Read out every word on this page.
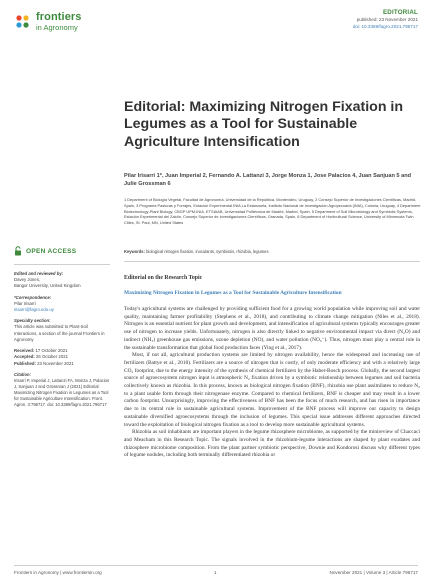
frontiers
in Agronomy
EDITORIAL
published: 23 November 2021
doi: 10.3389/fagro.2021.796717
Editorial: Maximizing Nitrogen Fixation in Legumes as a Tool for Sustainable Agriculture Intensification
Pilar Irisarri 1*, Juan Imperial 2, Fernando A. Lattanzi 3, Jorge Monza 1, Jose Palacios 4, Juan Sanjuan 5 and Julie Grossman 6
1 Department of Biología Vegetal, Facultad de Agronomía, Universidad de la República, Montevideo, Uruguay, 2 Consejo Superior de Investigaciones Científicas, Madrid, Spain, 3 Programa Pasturas y Forrajes, Estación Experimental INIA La Estanzuela, Instituto Nacional de Investigación Agropecuaria (INIA), Colonia, Uruguay, 4 Department Biotechnology-Plant Biology, CBGP UPM-INIA, ETSIAAB, Universidad Politécnica de Madrid, Madrid, Spain, 5 Department of Soil Microbiology and Symbiotic Systems, Estación Experimental del Zaidín, Consejo Superior de Investigaciones Científicas, Granada, Spain, 6 Department of Horticultural Science, University of Minnesota Twin Cities, St. Paul, MN, United States
Keywords: biological nitrogen fixation, inoculants, symbiosis, rhizobia, legumes
Editorial on the Research Topic
Maximizing Nitrogen Fixation in Legumes as a Tool for Sustainable Agriculture Intensification

Today's agricultural systems are challenged by providing sufficient food for a growing world population while improving soil and water quality, maintaining farmer profitability (Stephens et al., 2018), and contributing to climate change mitigation (Niles et al., 2018). Nitrogen is an essential nutrient for plant growth and development, and intensification of agricultural systems typically encourages greater use of nitrogen to increase yields. Unfortunately, nitrogen is also directly linked to negative environmental impact via direct (N₂O) and indirect (NH₃) greenhouse gas emissions, ozone depletion (NO), and water pollution (NO₃⁻). Thus, nitrogen must play a central role in the sustainable transformation that global food production faces (Ying et al., 2017).

Most, if not all, agricultural production systems are limited by nitrogen availability, hence the widespread and increasing use of fertilizers (Battye et al., 2018). Fertilizers are a source of nitrogen that is costly, of only moderate efficiency and with a relatively large CO₂ footprint, due to the energy intensity of the synthesis of chemical fertilizers by the Haber-Bosch process. Globally, the second largest source of agroecosystem nitrogen input is atmospheric N₂ fixation driven by a symbiotic relationship between legumes and soil bacteria collectively known as rhizobia. In this process, known as biological nitrogen fixation (BNF), rhizobia use plant assimilates to reduce N₂ to a plant usable form through their nitrogenase enzyme. Compared to chemical fertilizers, BNF is cheaper and may result in a lower carbon footprint. Unsurprisingly, improving the effectiveness of BNF has been the focus of much research, and has risen in importance due to its central role in sustainable agricultural systems. Improvement of the BNF process will improve our capacity to design sustainable diversified agroecosystems through the inclusion of legumes. This special issue addresses different approaches directed toward the exploitation of biological nitrogen fixation as a tool to develop more sustainable agricultural systems.

Rhizobia as soil inhabitants are important players in the legume rhizosphere microbiome, as supported by the minireview of Chaccaci and Meacham in this Research Topic. The signals involved in the rhizobium-legume interactions are shaped by plant exudates and rhizosphere microbiome composition. From the plant partner symbiotic perspective, Downie and Kondorosi discuss why different types of legume nodules, including both terminally differentiated rhizobia or

OPEN ACCESS
Edited and reviewed by:
Davey Jones,
Bangor University, United Kingdom
*Correspondence:
Pilar Irisarri
irisarri@fagro.edu.uy
Specialty section:
This article was submitted to Plant-Soil Interactions, a section of the journal Frontiers in Agronomy
Received: 17 October 2021
Accepted: 26 October 2021
Published: 23 November 2021
Citation:
Irisarri P, Imperial J, Lattanzi FA, Monza J, Palacios J, Sanjuan J and Grossman J (2021) Editorial: Maximizing Nitrogen Fixation in Legumes as a Tool for Sustainable Agriculture Intensification. Front. Agron. 3:796717. doi: 10.3389/fagro.2021.796717
Frontiers in Agronomy | www.frontiersin.org	1	November 2021 | Volume 3 | Article 796717
